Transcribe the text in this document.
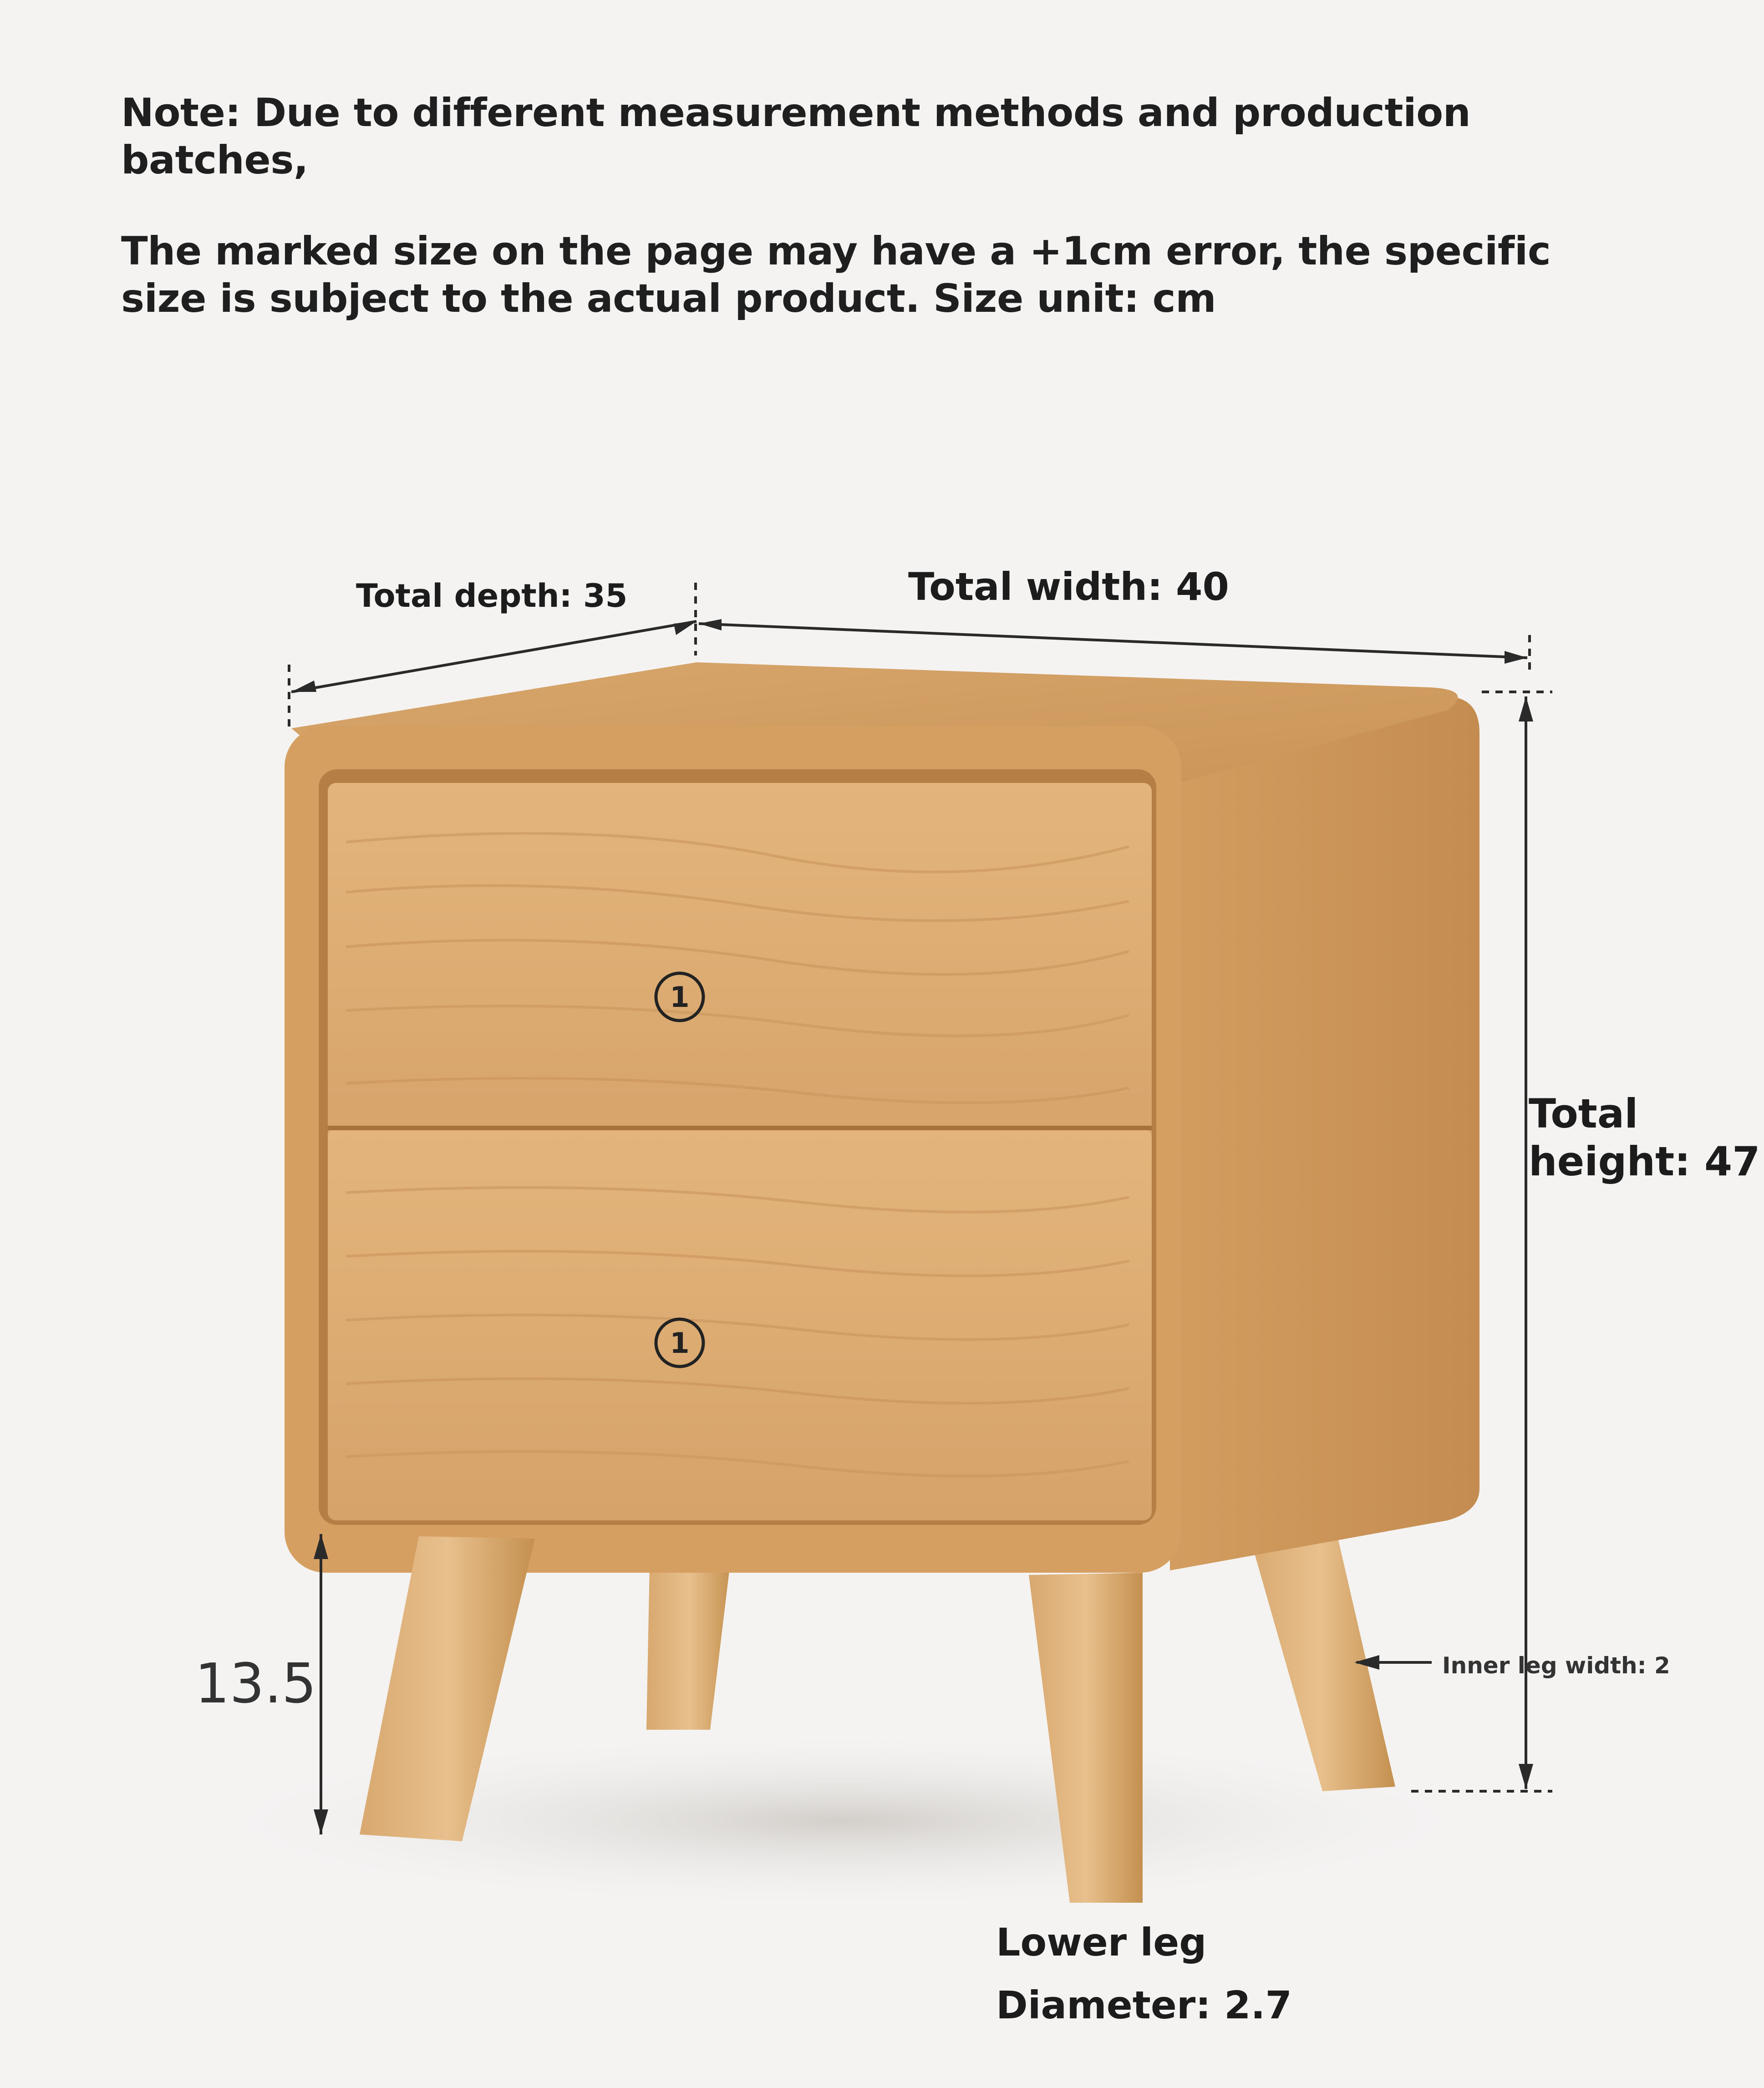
Note: Due to different measurement methods and production batches,
The marked size on the page may have a +1cm error, the specific size is subject to the actual product. Size unit: cm
1
1
Total depth: 35	Total width: 40
Total
height: 47
13.5	Inner leg width: 2
Lower leg
Diameter: 2.7
